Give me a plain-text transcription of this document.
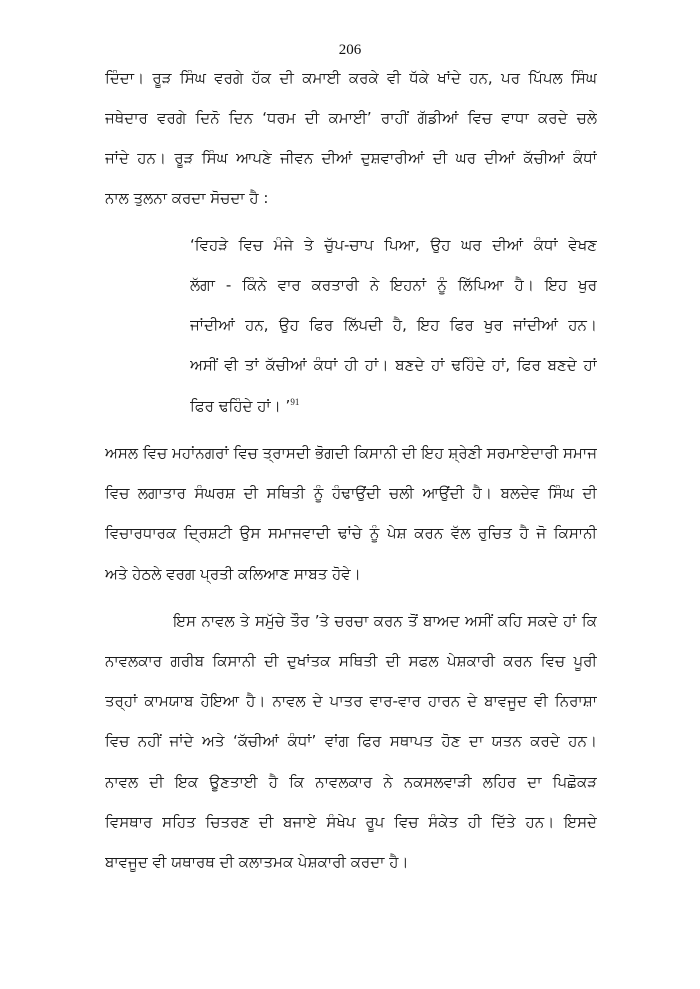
206
ਦਿੰਦਾ। ਰੂੜ ਸਿੰਘ ਵਰਗੇ ਹੱਕ ਦੀ ਕਮਾਈ ਕਰਕੇ ਵੀ ਧੱਕੇ ਖਾਂਦੇ ਹਨ, ਪਰ ਪਿੱਪਲ ਸਿੰਘ
ਜਥੇਦਾਰ ਵਰਗੇ ਦਿਨੋ ਦਿਨ ‘ਧਰਮ ਦੀ ਕਮਾਈ’ ਰਾਹੀਂ ਗੱਡੀਆਂ ਵਿਚ ਵਾਧਾ ਕਰਦੇ ਚਲੇ
ਜਾਂਦੇ ਹਨ। ਰੂੜ ਸਿੰਘ ਆਪਣੇ ਜੀਵਨ ਦੀਆਂ ਦੁਸ਼ਵਾਰੀਆਂ ਦੀ ਘਰ ਦੀਆਂ ਕੱਚੀਆਂ ਕੰਧਾਂ
ਨਾਲ ਤੁਲਨਾ ਕਰਦਾ ਸੋਚਦਾ ਹੈ :
‘ਵਿਹੜੇ ਵਿਚ ਮੰਜੇ ਤੇ ਚੁੱਪ-ਚਾਪ ਪਿਆ, ਉਹ ਘਰ ਦੀਆਂ ਕੰਧਾਂ ਵੇਖਣ
ਲੱਗਾ - ਕਿੰਨੇ ਵਾਰ ਕਰਤਾਰੀ ਨੇ ਇਹਨਾਂ ਨੂੰ ਲਿੱਪਿਆ ਹੈ। ਇਹ ਖੁਰ
ਜਾਂਦੀਆਂ ਹਨ, ਉਹ ਫਿਰ ਲਿੱਪਦੀ ਹੈ, ਇਹ ਫਿਰ ਖੁਰ ਜਾਂਦੀਆਂ ਹਨ।
ਅਸੀਂ ਵੀ ਤਾਂ ਕੱਚੀਆਂ ਕੰਧਾਂ ਹੀ ਹਾਂ। ਬਣਦੇ ਹਾਂ ਢਹਿੰਦੇ ਹਾਂ, ਫਿਰ ਬਣਦੇ ਹਾਂ
ਫਿਰ ਢਹਿੰਦੇ ਹਾਂ। ’$^{91}$
ਅਸਲ ਵਿਚ ਮਹਾਂਨਗਰਾਂ ਵਿਚ ਤ੍ਰਾਸਦੀ ਭੋਗਦੀ ਕਿਸਾਨੀ ਦੀ ਇਹ ਸ਼੍ਰੇਣੀ ਸਰਮਾਏਦਾਰੀ ਸਮਾਜ
ਵਿਚ ਲਗਾਤਾਰ ਸੰਘਰਸ਼ ਦੀ ਸਥਿਤੀ ਨੂੰ ਹੰਢਾਉਂਦੀ ਚਲੀ ਆਉਂਦੀ ਹੈ। ਬਲਦੇਵ ਸਿੰਘ ਦੀ
ਵਿਚਾਰਧਾਰਕ ਦ੍ਰਿਸ਼ਟੀ ਉਸ ਸਮਾਜਵਾਦੀ ਢਾਂਚੇ ਨੂੰ ਪੇਸ਼ ਕਰਨ ਵੱਲ ਰੁਚਿਤ ਹੈ ਜੋ ਕਿਸਾਨੀ
ਅਤੇ ਹੇਠਲੇ ਵਰਗ ਪ੍ਰਤੀ ਕਲਿਆਣ ਸਾਬਤ ਹੋਵੇ।
ਇਸ ਨਾਵਲ ਤੇ ਸਮੁੱਚੇ ਤੌਰ ’ਤੇ ਚਰਚਾ ਕਰਨ ਤੋਂ ਬਾਅਦ ਅਸੀਂ ਕਹਿ ਸਕਦੇ ਹਾਂ ਕਿ
ਨਾਵਲਕਾਰ ਗਰੀਬ ਕਿਸਾਨੀ ਦੀ ਦੁਖਾਂਤਕ ਸਥਿਤੀ ਦੀ ਸਫਲ ਪੇਸ਼ਕਾਰੀ ਕਰਨ ਵਿਚ ਪੂਰੀ
ਤਰ੍ਹਾਂ ਕਾਮਯਾਬ ਹੋਇਆ ਹੈ। ਨਾਵਲ ਦੇ ਪਾਤਰ ਵਾਰ-ਵਾਰ ਹਾਰਨ ਦੇ ਬਾਵਜੂਦ ਵੀ ਨਿਰਾਸ਼ਾ
ਵਿਚ ਨਹੀਂ ਜਾਂਦੇ ਅਤੇ ‘ਕੱਚੀਆਂ ਕੰਧਾਂ’ ਵਾਂਗ ਫਿਰ ਸਥਾਪਤ ਹੋਣ ਦਾ ਯਤਨ ਕਰਦੇ ਹਨ।
ਨਾਵਲ ਦੀ ਇਕ ਊਣਤਾਈ ਹੈ ਕਿ ਨਾਵਲਕਾਰ ਨੇ ਨਕਸਲਵਾੜੀ ਲਹਿਰ ਦਾ ਪਿਛੋਕੜ
ਵਿਸਥਾਰ ਸਹਿਤ ਚਿਤਰਣ ਦੀ ਬਜਾਏ ਸੰਖੇਪ ਰੂਪ ਵਿਚ ਸੰਕੇਤ ਹੀ ਦਿੱਤੇ ਹਨ। ਇਸਦੇ
ਬਾਵਜੂਦ ਵੀ ਯਥਾਰਥ ਦੀ ਕਲਾਤਮਕ ਪੇਸ਼ਕਾਰੀ ਕਰਦਾ ਹੈ।
